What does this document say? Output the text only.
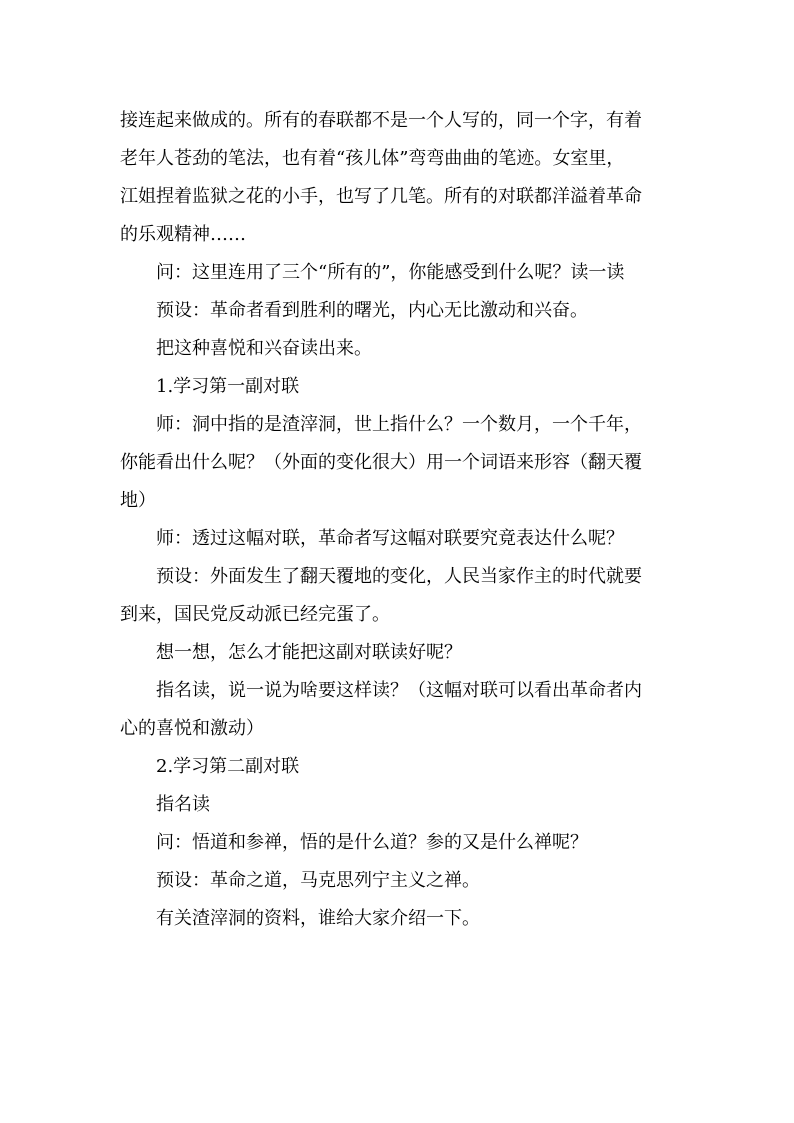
接连起来做成的。所有的春联都不是一个人写的，同一个字，有着
老年人苍劲的笔法，也有着“孩儿体”弯弯曲曲的笔迹。女室里，
江姐捏着监狱之花的小手，也写了几笔。所有的对联都洋溢着革命
的乐观精神……
问：这里连用了三个“所有的”，你能感受到什么呢？读一读
预设：革命者看到胜利的曙光，内心无比激动和兴奋。
把这种喜悦和兴奋读出来。
1.学习第一副对联
师：洞中指的是渣滓洞，世上指什么？一个数月，一个千年，
你能看出什么呢？（外面的变化很大）用一个词语来形容（翻天覆
地）
师：透过这幅对联，革命者写这幅对联要究竟表达什么呢？
预设：外面发生了翻天覆地的变化，人民当家作主的时代就要
到来，国民党反动派已经完蛋了。
想一想，怎么才能把这副对联读好呢？
指名读，说一说为啥要这样读？（这幅对联可以看出革命者内
心的喜悦和激动）
2.学习第二副对联
指名读
问：悟道和参禅，悟的是什么道？参的又是什么禅呢？
预设：革命之道，马克思列宁主义之禅。
有关渣滓洞的资料，谁给大家介绍一下。
